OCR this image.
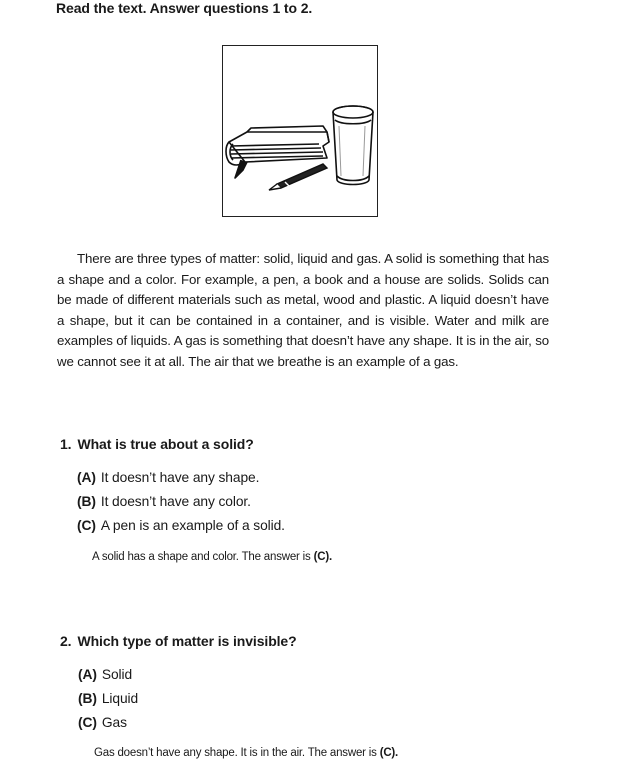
Read the text. Answer questions 1 to 2.

There are three types of matter: solid, liquid and gas. A solid is something that has a shape and a color. For example, a pen, a book and a house are solids. Solids can be made of different materials such as metal, wood and plastic. A liquid doesn’t have a shape, but it can be contained in a container, and is visible. Water and milk are examples of liquids. A gas is something that doesn’t have any shape. It is in the air, so we cannot see it at all. The air that we breathe is an example of a gas.

1. What is true about a solid?
(A) It doesn’t have any shape.
(B) It doesn’t have any color.
(C) A pen is an example of a solid.
A solid has a shape and color. The answer is (C).
2. Which type of matter is invisible?
(A) Solid
(B) Liquid
(C) Gas
Gas doesn’t have any shape. It is in the air. The answer is (C).
